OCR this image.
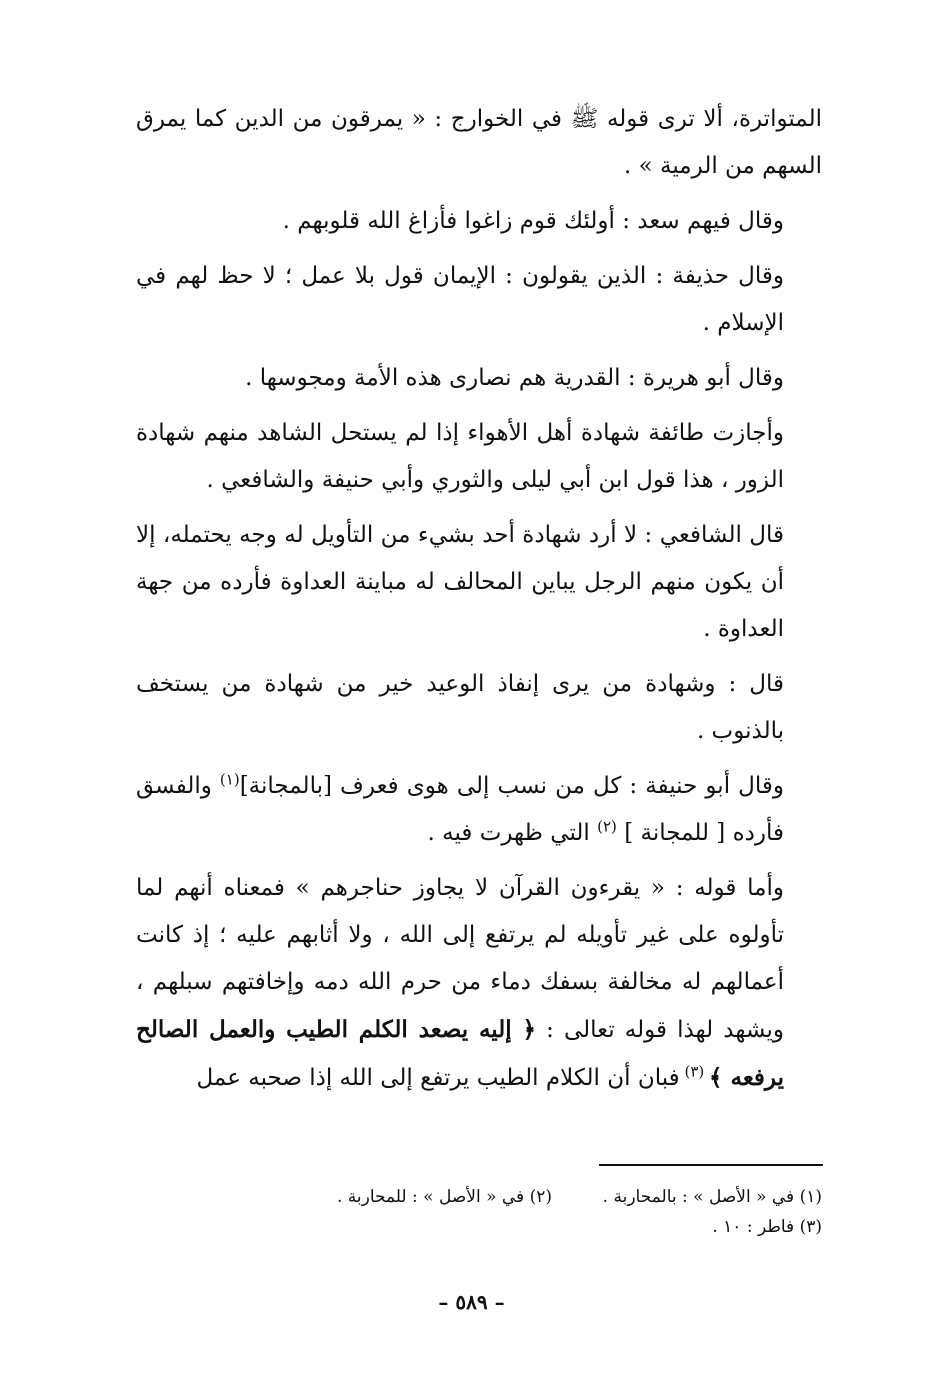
المتواترة، ألا ترى قوله ﷺ في الخوارج : « يمرقون من الدين كما يمرق السهم من الرمية » .

وقال فيهم سعد : أولئك قوم زاغوا فأزاغ الله قلوبهم .

وقال حذيفة : الذين يقولون : الإيمان قول بلا عمل ؛ لا حظ لهم في الإسلام .

وقال أبو هريرة : القدرية هم نصارى هذه الأمة ومجوسها .

وأجازت طائفة شهادة أهل الأهواء إذا لم يستحل الشاهد منهم شهادة الزور ، هذا قول ابن أبي ليلى والثوري وأبي حنيفة والشافعي .

قال الشافعي : لا أرد شهادة أحد بشيء من التأويل له وجه يحتمله، إلا أن يكون منهم الرجل يباين المحالف له مباينة العداوة فأرده من جهة العداوة .

قال : وشهادة من يرى إنفاذ الوعيد خير من شهادة من يستخف بالذنوب .

وقال أبو حنيفة : كل من نسب إلى هوى فعرف [بالمجانة]$^{(١)}$ والفسق فأرده [ للمجانة ] $^{(٢)}$ التي ظهرت فيه .

وأما قوله : « يقرءون القرآن لا يجاوز حناجرهم » فمعناه أنهم لما تأولوه على غير تأويله لم يرتفع إلى الله ، ولا أثابهم عليه ؛ إذ كانت أعمالهم له مخالفة بسفك دماء من حرم الله دمه وإخافتهم سبلهم ، ويشهد لهذا قوله تعالى : ﴿ إليه يصعد الكلم الطيب والعمل الصالح يرفعه ﴾ $^{(٣)}$ فبان أن الكلام الطيب يرتفع إلى الله إذا صحبه عمل

(١) في « الأصل » : بالمحاربة .
(٢) في « الأصل » : للمحاربة .
(٣) فاطر : ١٠ .
– ٥٨٩ –
